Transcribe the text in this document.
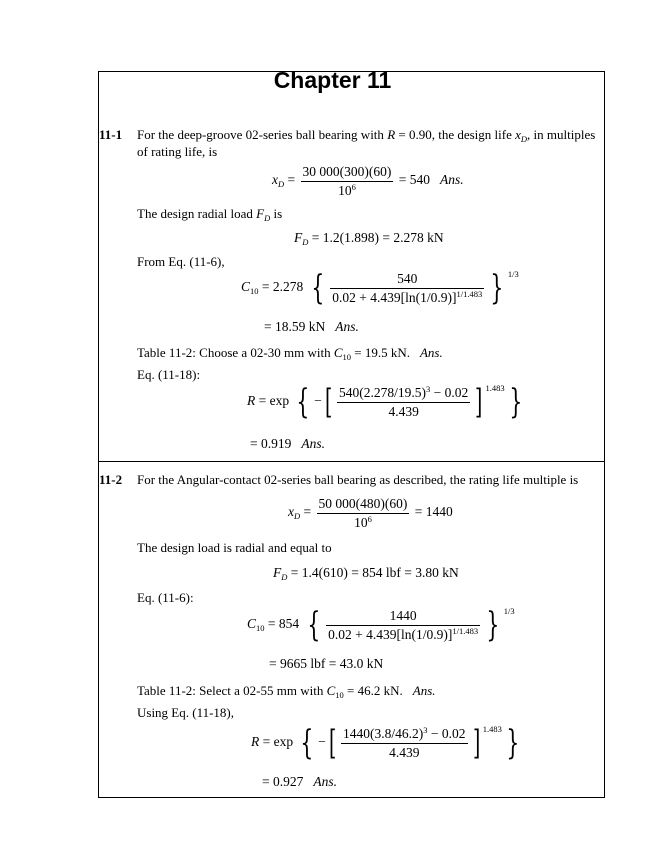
Chapter 11
11-1 For the deep-groove 02-series ball bearing with R = 0.90, the design life $x_D$, in multiples
of rating life, is
$x_D = \frac{30 000(300)(60)}{10^6} = 540$ Ans.
The design radial load $F_D$ is
$F_D = 1.2(1.898) = 2.278$ kN
From Eq. (11-6),
$C_{10} = 2.278$ { $\frac{540}{0.02 + 4.439[\ln(1/0.9)]^{1/1.483}}$ } $^{1/3}$
= 18.59 kN Ans.
Table 11-2: Choose a 02-30 mm with $C_{10} = 19.5$ kN. Ans.
Eq. (11-18):
R = exp { −[ $\frac{540(2.278/19.5)^3 - 0.02}{4.439}$ ] $^{1.483}$ }
= 0.919 Ans.
11-2 For the Angular-contact 02-series ball bearing as described, the rating life multiple is
$x_D = \frac{50 000(480)(60)}{10^6} = 1440$
The design load is radial and equal to
$F_D = 1.4(610) = 854$ lbf = 3.80 kN
Eq. (11-6):
$C_{10} = 854$ { $\frac{1440}{0.02 + 4.439[\ln(1/0.9)]^{1/1.483}}$ } $^{1/3}$
= 9665 lbf = 43.0 kN
Table 11-2: Select a 02-55 mm with $C_{10} = 46.2$ kN. Ans.
Using Eq. (11-18),
R = exp { −[ $\frac{1440(3.8/46.2)^3 - 0.02}{4.439}$ ] $^{1.483}$ }
= 0.927 Ans.
